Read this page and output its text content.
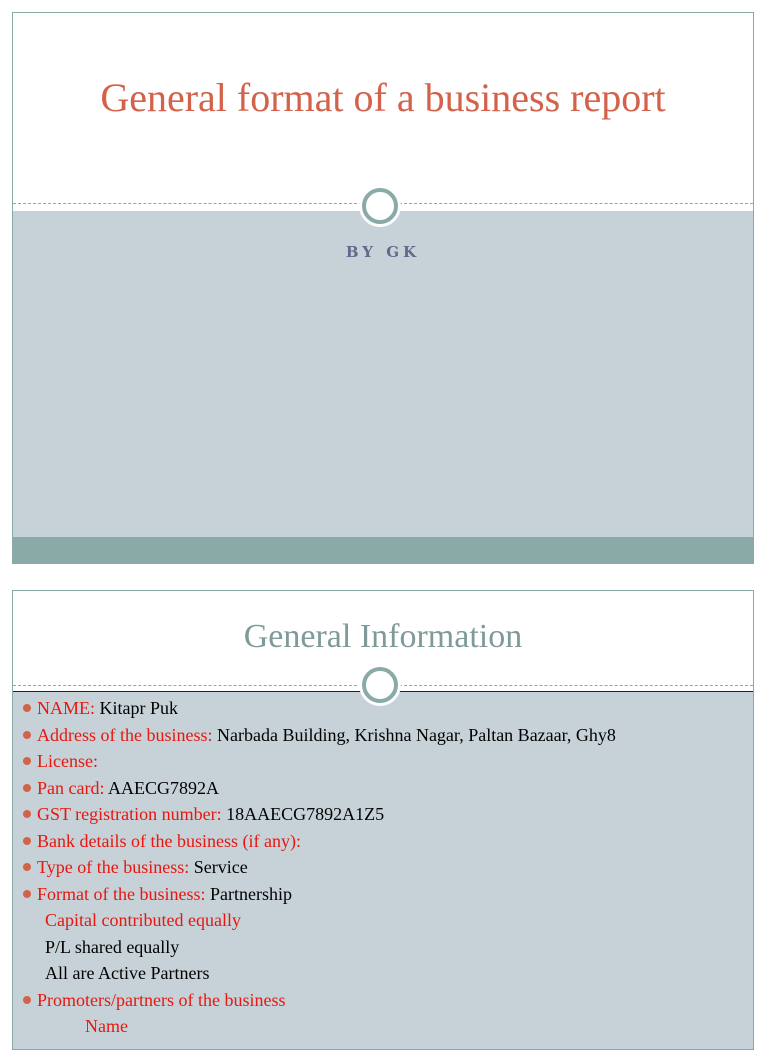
General format of a business report
BY GK
General Information
NAME: Kitapr Puk
Address of the business: Narbada Building, Krishna Nagar, Paltan Bazaar, Ghy8
License:
Pan card: AAECG7892A
GST registration number: 18AAECG7892A1Z5
Bank details of the business (if any):
Type of the business: Service
Format of the business: Partnership
Capital contributed equally
P/L shared equally
All are Active Partners
Promoters/partners of the business
Name
